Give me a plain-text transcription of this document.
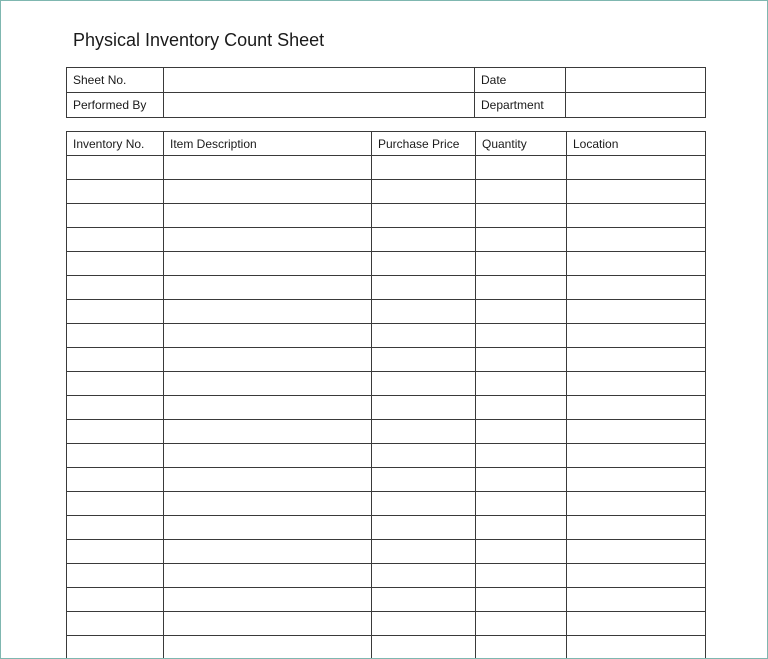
Physical Inventory Count Sheet
Sheet No.		Date	
Performed By		Department	
Inventory No.	Item Description	Purchase Price	Quantity	Location
